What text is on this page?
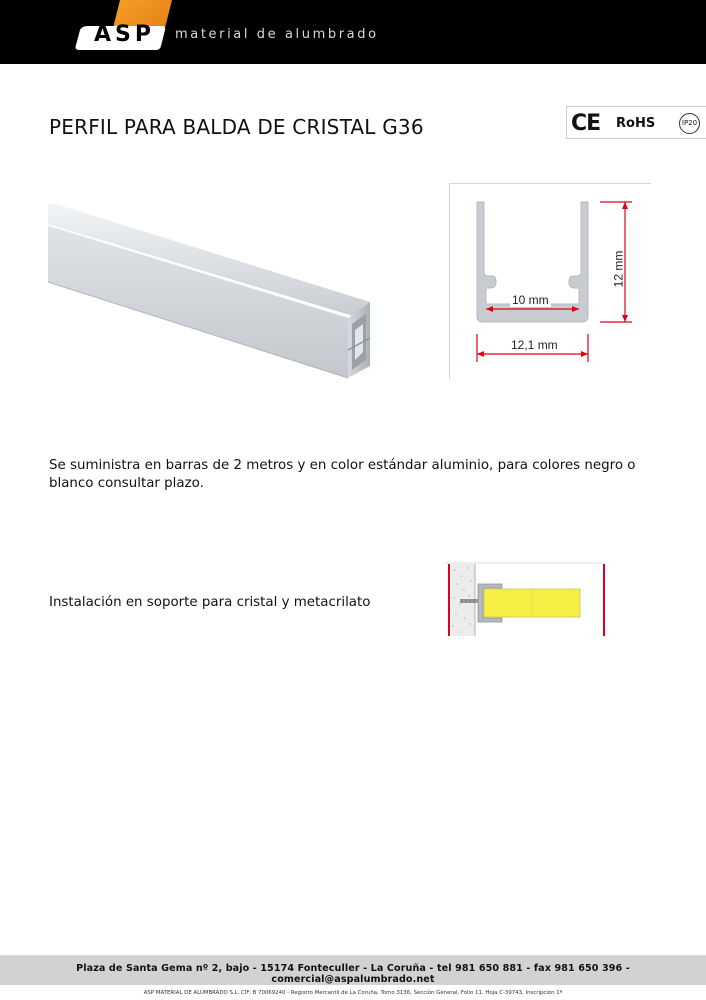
ASP material de alumbrado
PERFIL PARA BALDA DE CRISTAL G36	CE RoHS	IP20
10 mm
12,1 mm
12 mm

Se suministra en barras de 2 metros y en color estándar aluminio, para colores negro o blanco consultar plazo.

Instalación en soporte para cristal y metacrilato

Plaza de Santa Gema nº 2, bajo - 15174 Fonteculler - La Coruña - tel 981 650 881 - fax 981 650 396 - comercial@aspalumbrado.net
ASP MATERIAL DE ALUMBRADO S.L. CIF: B 70069240 - Registro Mercantil de La Coruña, Tomo 3136, Sección General, Folio 11, Hoja C-39743, Inscripción 1ª
